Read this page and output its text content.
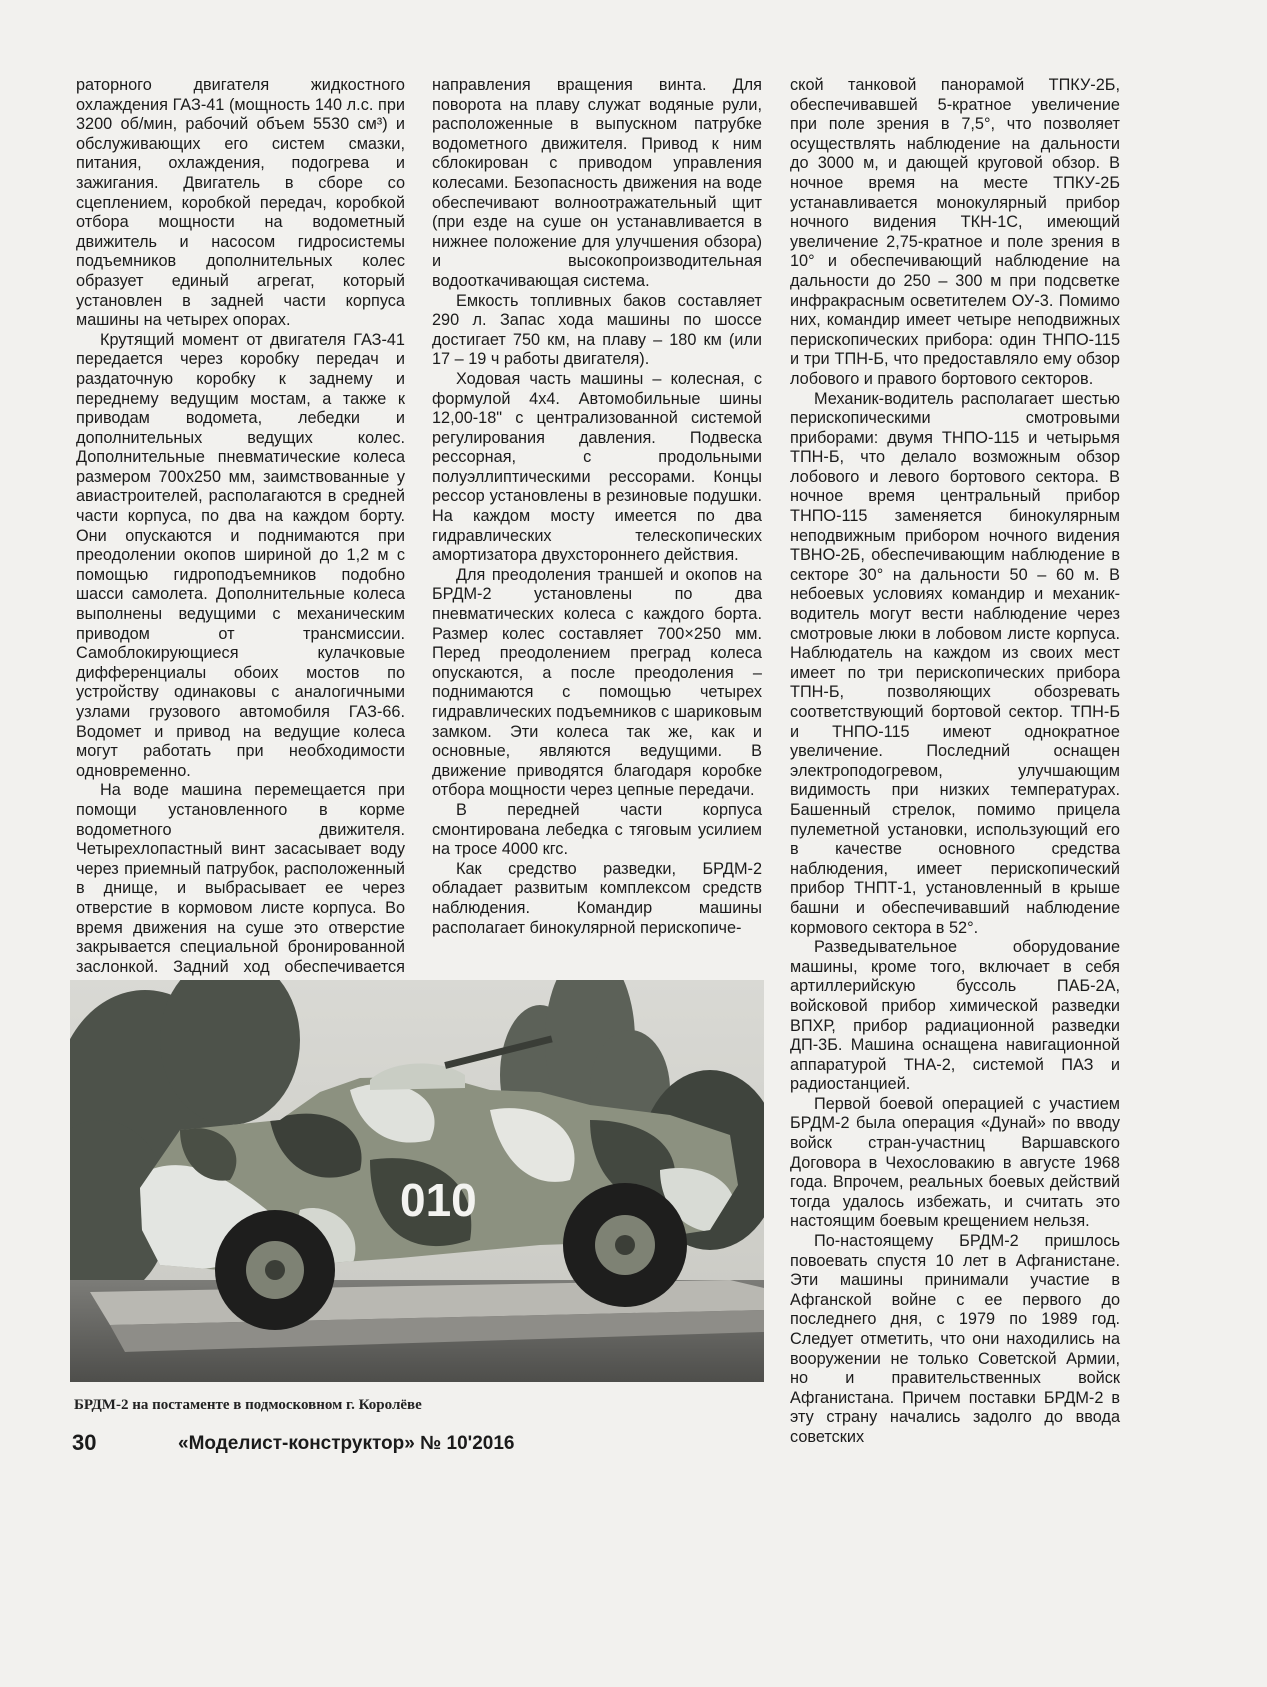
раторного двигателя жидкостного охлаждения ГАЗ-41 (мощность 140 л.с. при 3200 об/мин, рабочий объем 5530 см³) и обслуживающих его систем смазки, питания, охлаждения, подогрева и зажигания. Двигатель в сборе со сцеплением, коробкой передач, коробкой отбора мощности на водометный движитель и насосом гидросистемы подъемников дополнительных колес образует единый агрегат, который установлен в задней части корпуса машины на четырех опорах.

Крутящий момент от двигателя ГАЗ-41 передается через коробку передач и раздаточную коробку к заднему и переднему ведущим мостам, а также к приводам водомета, лебедки и дополнительных ведущих колес. Дополнительные пневматические колеса размером 700х250 мм, заимствованные у авиастроителей, располагаются в средней части корпуса, по два на каждом борту. Они опускаются и поднимаются при преодолении окопов шириной до 1,2 м с помощью гидроподъемников подобно шасси самолета. Дополнительные колеса выполнены ведущими с механическим приводом от трансмиссии. Самоблокирующиеся кулачковые дифференциалы обоих мостов по устройству одинаковы с аналогичными узлами грузового автомобиля ГАЗ-66. Водомет и привод на ведущие колеса могут работать при необходимости одновременно.

На воде машина перемещается при помощи установленного в корме водометного движителя. Четырехлопастный винт засасывает воду через приемный патрубок, расположенный в днище, и выбрасывает ее через отверстие в кормовом листе корпуса. Во время движения на суше это отверстие закрывается специальной бронированной заслонкой. Задний ход обеспечивается

направления вращения винта. Для поворота на плаву служат водяные рули, расположенные в выпускном патрубке водометного движителя. Привод к ним сблокирован с приводом управления колесами. Безопасность движения на воде обеспечивают волноотражательный щит (при езде на суше он устанавливается в нижнее положение для улучшения обзора) и высокопроизводительная водооткачивающая система.

Емкость топливных баков составляет 290 л. Запас хода машины по шоссе достигает 750 км, на плаву – 180 км (или 17 – 19 ч работы двигателя).

Ходовая часть машины – колесная, с формулой 4х4. Автомобильные шины 12,00-18" с централизованной системой регулирования давления. Подвеска рессорная, с продольными полуэллиптическими рессорами. Концы рессор установлены в резиновые подушки. На каждом мосту имеется по два гидравлических телескопических амортизатора двухстороннего действия.

Для преодоления траншей и окопов на БРДМ-2 установлены по два пневматических колеса с каждого борта. Размер колес составляет 700×250 мм. Перед преодолением преград колеса опускаются, а после преодоления – поднимаются с помощью четырех гидравлических подъемников с шариковым замком. Эти колеса так же, как и основные, являются ведущими. В движение приводятся благодаря коробке отбора мощности через цепные передачи.

В передней части корпуса смонтирована лебедка с тяговым усилием на тросе 4000 кгс.

Как средство разведки, БРДМ-2 обладает развитым комплексом средств наблюдения. Командир машины располагает бинокулярной перископиче-

ской танковой панорамой ТПКУ-2Б, обеспечивавшей 5-кратное увеличение при поле зрения в 7,5°, что позволяет осуществлять наблюдение на дальности до 3000 м, и дающей круговой обзор. В ночное время на месте ТПКУ-2Б устанавливается монокулярный прибор ночного видения ТКН-1С, имеющий увеличение 2,75-кратное и поле зрения в 10° и обеспечивающий наблюдение на дальности до 250 – 300 м при подсветке инфракрасным осветителем ОУ-3. Помимо них, командир имеет четыре неподвижных перископических прибора: один ТНПО-115 и три ТПН-Б, что предоставляло ему обзор лобового и правого бортового секторов.

Механик-водитель располагает шестью перископическими смотровыми приборами: двумя ТНПО-115 и четырьмя ТПН-Б, что делало возможным обзор лобового и левого бортового сектора. В ночное время центральный прибор ТНПО-115 заменяется бинокулярным неподвижным прибором ночного видения ТВНО-2Б, обеспечивающим наблюдение в секторе 30° на дальности 50 – 60 м. В небоевых условиях командир и механик-водитель могут вести наблюдение через смотровые люки в лобовом листе корпуса. Наблюдатель на каждом из своих мест имеет по три перископических прибора ТПН-Б, позволяющих обозревать соответствующий бортовой сектор. ТПН-Б и ТНПО-115 имеют однократное увеличение. Последний оснащен электроподогревом, улучшающим видимость при низких температурах. Башенный стрелок, помимо прицела пулеметной установки, использующий его в качестве основного средства наблюдения, имеет перископический прибор ТНПТ-1, установленный в крыше башни и обеспечивавший наблюдение кормового сектора в 52°.

Разведывательное оборудование машины, кроме того, включает в себя артиллерийскую буссоль ПАБ-2А, войсковой прибор химической разведки ВПХР, прибор радиационной разведки ДП-3Б. Машина оснащена навигационной аппаратурой ТНА-2, системой ПАЗ и радиостанцией.

Первой боевой операцией с участием БРДМ-2 была операция «Дунай» по вводу войск стран-участниц Варшавского Договора в Чехословакию в августе 1968 года. Впрочем, реальных боевых действий тогда удалось избежать, и считать это настоящим боевым крещением нельзя.

По-настоящему БРДМ-2 пришлось повоевать спустя 10 лет в Афганистане. Эти машины принимали участие в Афганской войне с ее первого до последнего дня, с 1979 по 1989 год. Следует отметить, что они находились на вооружении не только Советской Армии, но и правительственных войск Афганистана. Причем поставки БРДМ-2 в эту страну начались задолго до ввода советских

010
БРДМ-2 на постаменте в подмосковном г. Королёве
30	«Моделист-конструктор» № 10'2016
